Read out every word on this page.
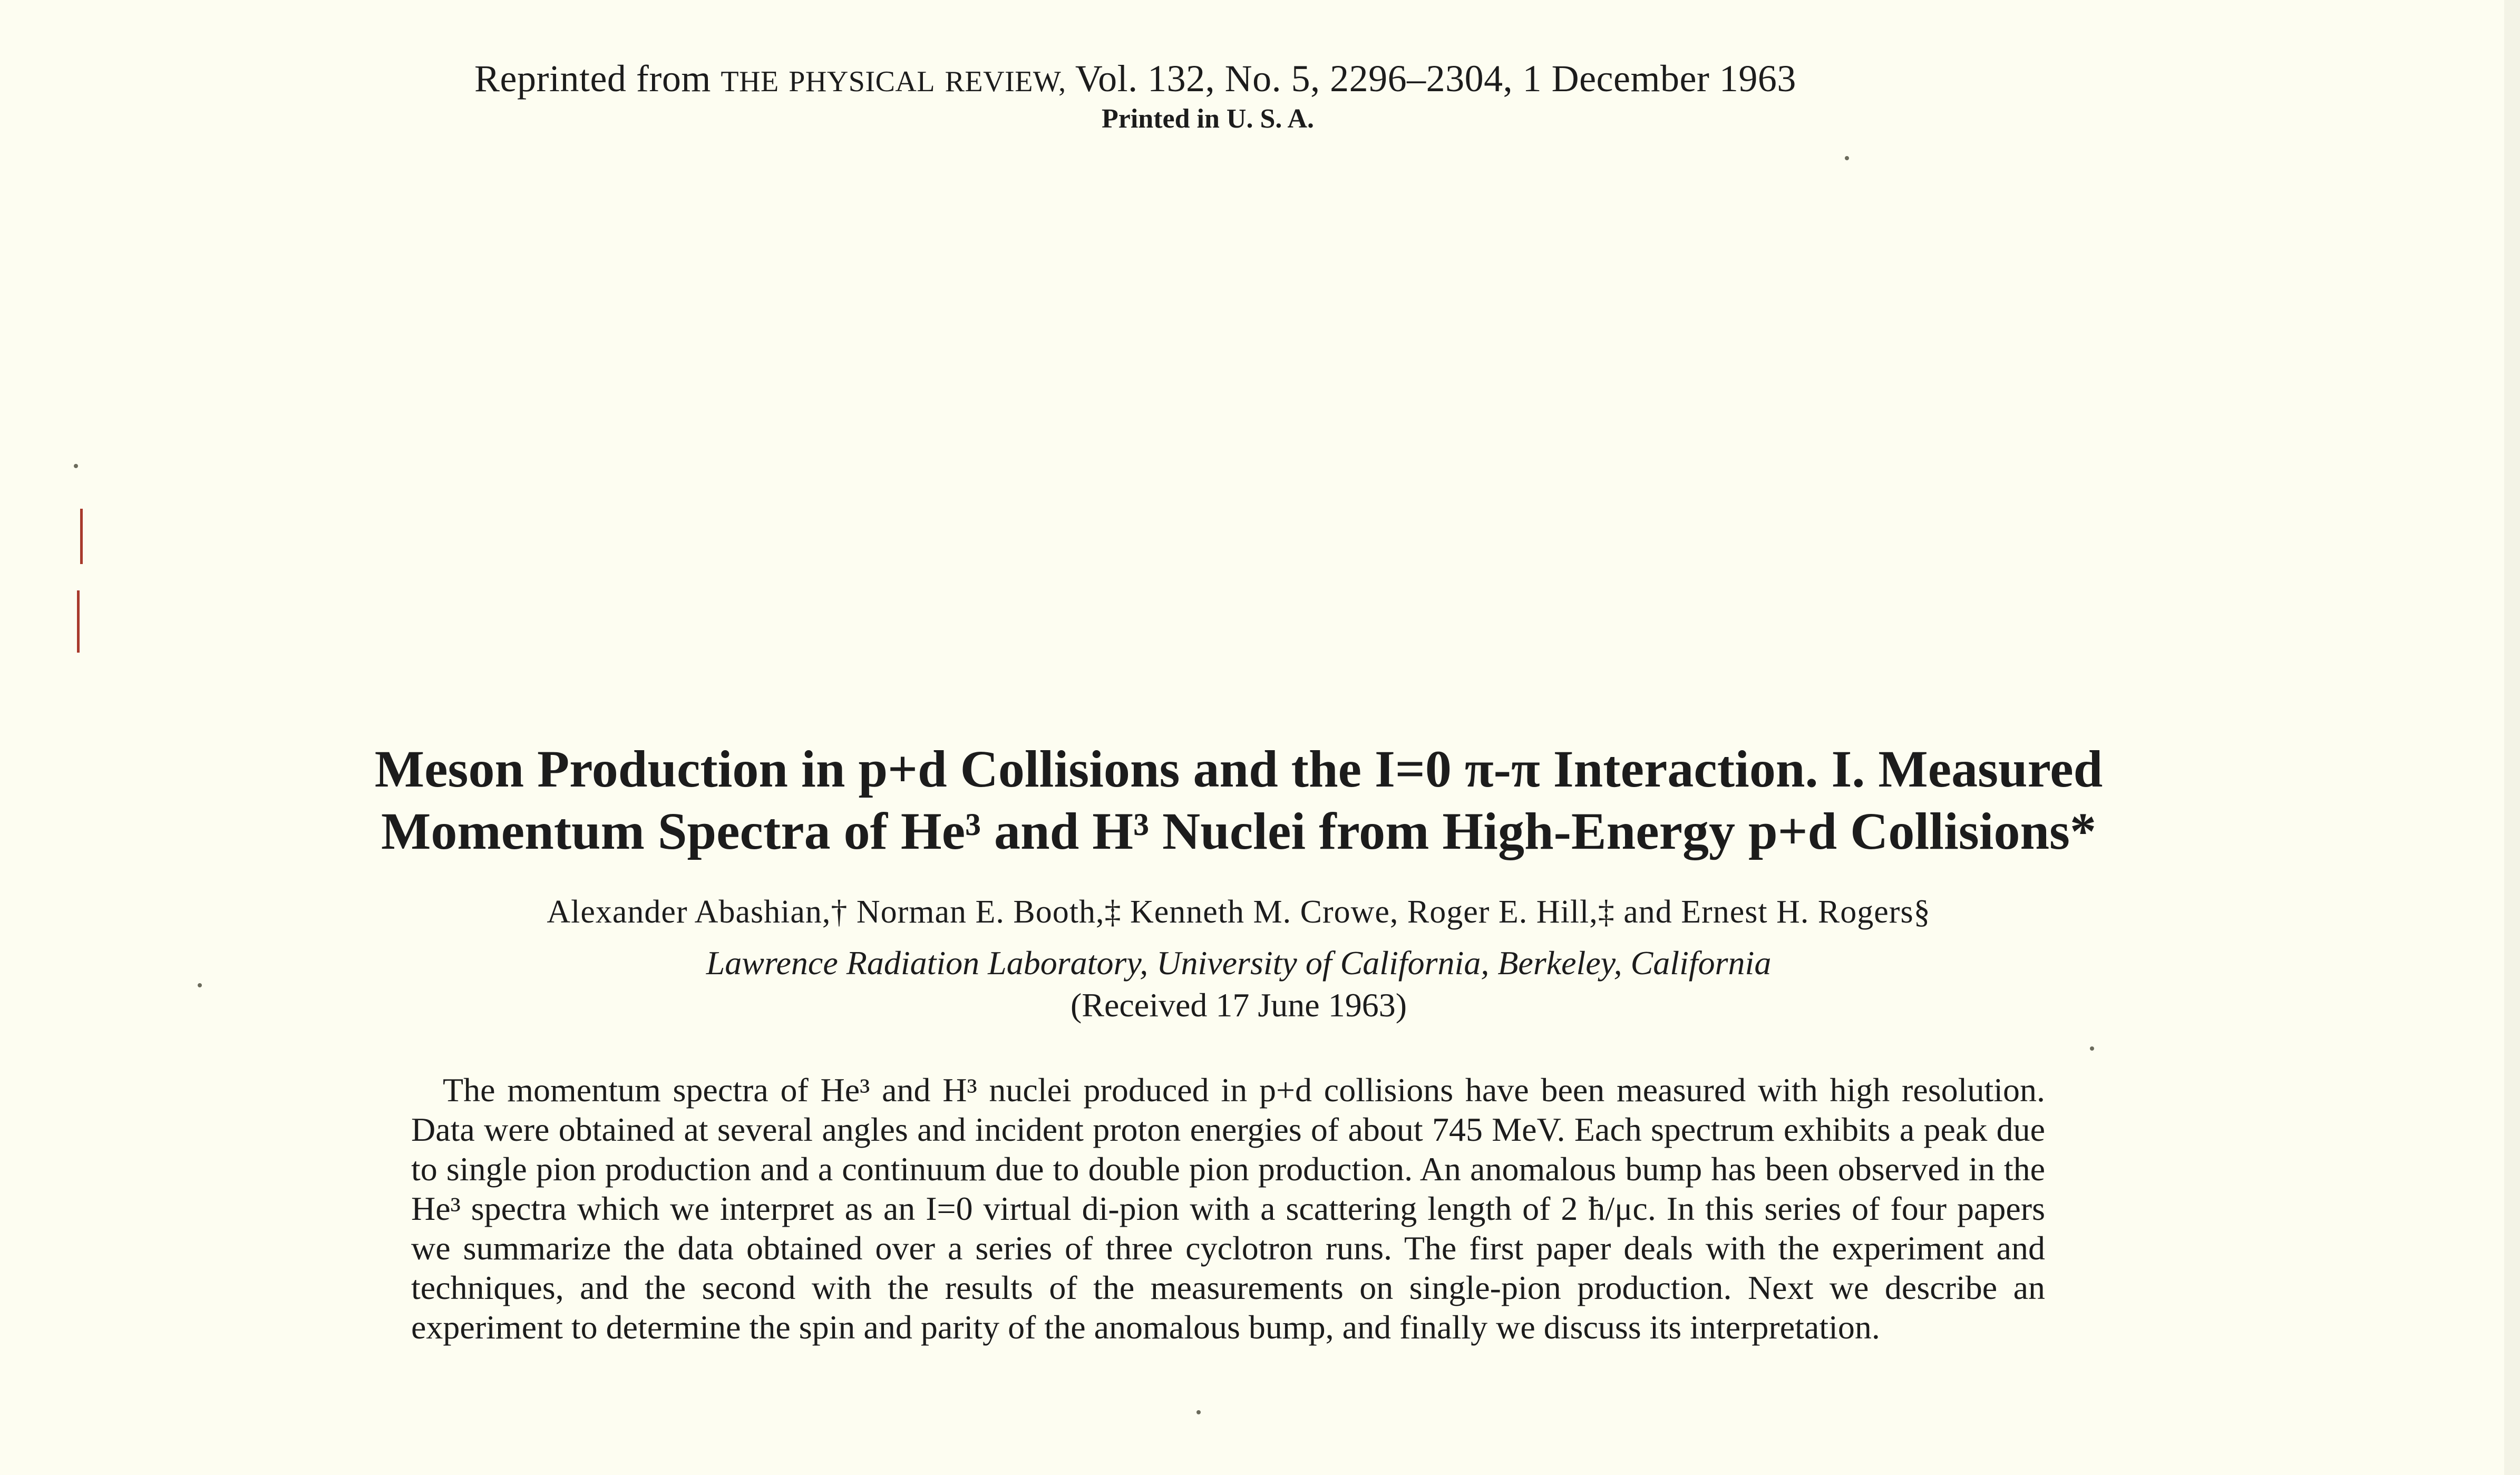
Reprinted from THE PHYSICAL REVIEW, Vol. 132, No. 5, 2296–2304, 1 December 1963
Printed in U. S. A.
Meson Production in p+d Collisions and the I=0 π-π Interaction. I. Measured Momentum Spectra of He³ and H³ Nuclei from High-Energy p+d Collisions*
Alexander Abashian,† Norman E. Booth,‡ Kenneth M. Crowe, Roger E. Hill,‡ and Ernest H. Rogers§
Lawrence Radiation Laboratory, University of California, Berkeley, California
(Received 17 June 1963)
The momentum spectra of He³ and H³ nuclei produced in p+d collisions have been measured with high resolution. Data were obtained at several angles and incident proton energies of about 745 MeV. Each spectrum exhibits a peak due to single pion production and a continuum due to double pion production. An anomalous bump has been observed in the He³ spectra which we interpret as an I=0 virtual di-pion with a scattering length of 2 ħ/μc. In this series of four papers we summarize the data obtained over a series of three cyclotron runs. The first paper deals with the experiment and techniques, and the second with the results of the measurements on single-pion production. Next we describe an experiment to determine the spin and parity of the anomalous bump, and finally we discuss its interpretation.
